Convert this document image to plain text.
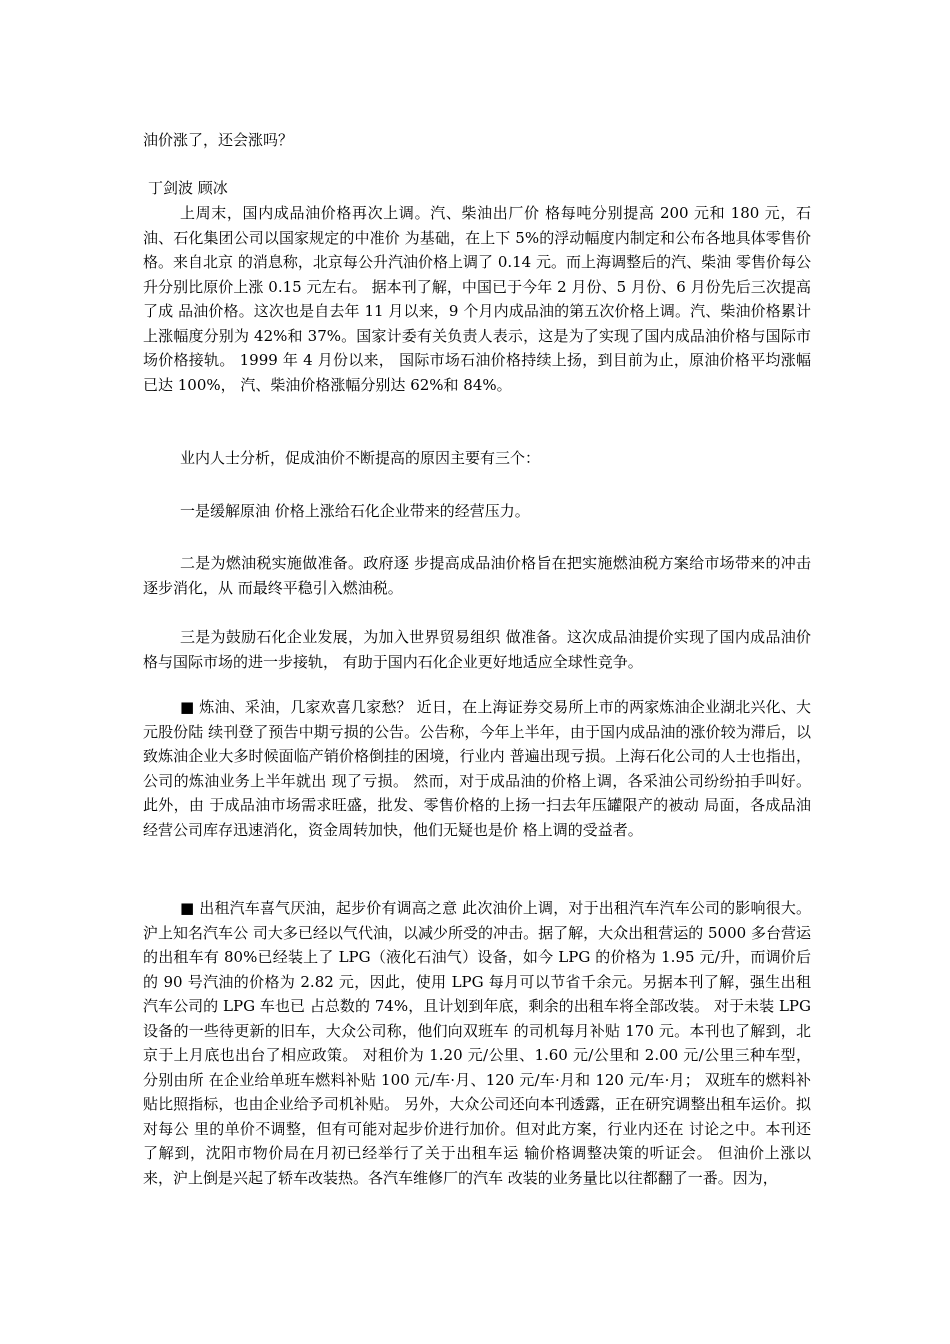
油价涨了，还会涨吗？

丁剑波 顾冰

上周末，国内成品油价格再次上调。汽、柴油出厂价 格每吨分别提高 200 元和 180 元，石油、石化集团公司以国家规定的中准价 为基础，在上下 5%的浮动幅度内制定和公布各地具体零售价格。来自北京 的消息称，北京每公升汽油价格上调了 0.14 元。而上海调整后的汽、柴油 零售价每公升分别比原价上涨 0.15 元左右。 据本刊了解，中国已于今年 2 月份、5 月份、6 月份先后三次提高了成 品油价格。这次也是自去年 11 月以来，9 个月内成品油的第五次价格上调。汽、柴油价格累计上涨幅度分别为 42%和 37%。国家计委有关负责人表示，这是为了实现了国内成品油价格与国际市场价格接轨。 1999 年 4 月份以来， 国际市场石油价格持续上扬，到目前为止，原油价格平均涨幅已达 100%， 汽、柴油价格涨幅分别达 62%和 84%。

业内人士分析，促成油价不断提高的原因主要有三个：

一是缓解原油 价格上涨给石化企业带来的经营压力。

二是为燃油税实施做准备。政府逐 步提高成品油价格旨在把实施燃油税方案给市场带来的冲击逐步消化，从 而最终平稳引入燃油税。

三是为鼓励石化企业发展，为加入世界贸易组织 做准备。这次成品油提价实现了国内成品油价格与国际市场的进一步接轨， 有助于国内石化企业更好地适应全球性竞争。

■ 炼油、采油，几家欢喜几家愁？ 近日，在上海证券交易所上市的两家炼油企业湖北兴化、大元股份陆 续刊登了预告中期亏损的公告。公告称，今年上半年，由于国内成品油的涨价较为滞后，以致炼油企业大多时候面临产销价格倒挂的困境，行业内 普遍出现亏损。上海石化公司的人士也指出，公司的炼油业务上半年就出 现了亏损。 然而，对于成品油的价格上调，各采油公司纷纷拍手叫好。此外，由 于成品油市场需求旺盛，批发、零售价格的上扬一扫去年压罐限产的被动 局面，各成品油经营公司库存迅速消化，资金周转加快，他们无疑也是价 格上调的受益者。

■ 出租汽车喜气厌油，起步价有调高之意 此次油价上调，对于出租汽车汽车公司的影响很大。沪上知名汽车公 司大多已经以气代油，以减少所受的冲击。据了解，大众出租营运的 5000 多台营运的出租车有 80%已经装上了 LPG（液化石油气）设备，如今 LPG 的价格为 1.95 元/升，而调价后的 90 号汽油的价格为 2.82 元，因此，使用 LPG 每月可以节省千余元。另据本刊了解，强生出租汽车公司的 LPG 车也已 占总数的 74%，且计划到年底，剩余的出租车将全部改装。 对于未装 LPG 设备的一些待更新的旧车，大众公司称，他们向双班车 的司机每月补贴 170 元。本刊也了解到，北京于上月底也出台了相应政策。 对租价为 1.20 元/公里、1.60 元/公里和 2.00 元/公里三种车型，分别由所 在企业给单班车燃料补贴 100 元/车·月、120 元/车·月和 120 元/车·月； 双班车的燃料补贴比照指标，也由企业给予司机补贴。 另外，大众公司还向本刊透露，正在研究调整出租车运价。拟对每公 里的单价不调整，但有可能对起步价进行加价。但对此方案，行业内还在 讨论之中。本刊还了解到，沈阳市物价局在月初已经举行了关于出租车运 输价格调整决策的听证会。 但油价上涨以来，沪上倒是兴起了轿车改装热。各汽车维修厂的汽车 改装的业务量比以往都翻了一番。因为，
